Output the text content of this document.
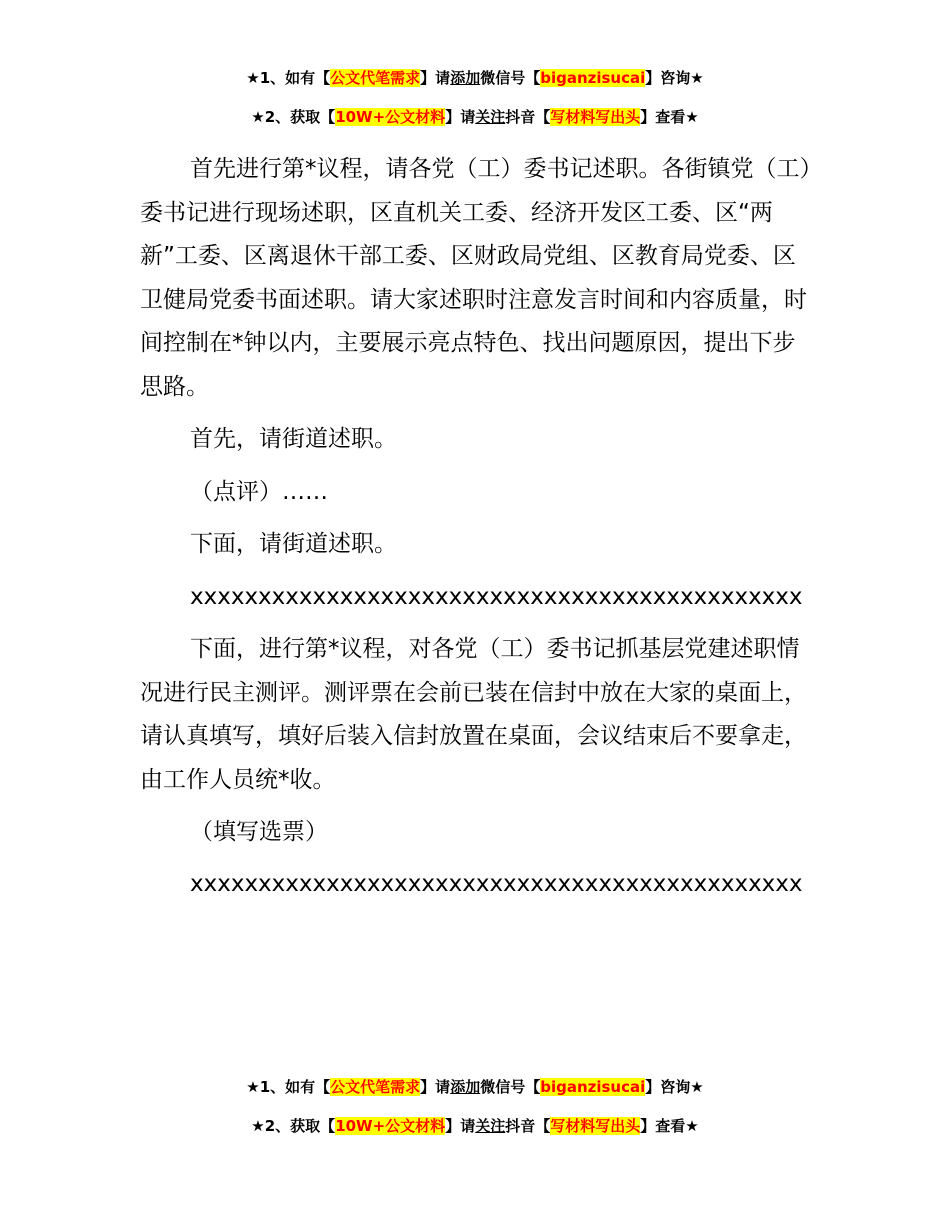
★1、如有【公文代笔需求】请添加微信号【biganzisucai】咨询★
★2、获取【10W+公文材料】请关注抖音【写材料写出头】查看★

首先进行第*议程，请各党（工）委书记述职。各街镇党（工）委书记进行现场述职，区直机关工委、经济开发区工委、区“两新”工委、区离退休干部工委、区财政局党组、区教育局党委、区卫健局党委书面述职。请大家述职时注意发言时间和内容质量，时间控制在*钟以内，主要展示亮点特色、找出问题原因，提出下步思路。

首先，请街道述职。

（点评）……

下面，请街道述职。

xxxxxxxxxxxxxxxxxxxxxxxxxxxxxxxxxxxxxxxxxxxxx

下面，进行第*议程，对各党（工）委书记抓基层党建述职情况进行民主测评。测评票在会前已装在信封中放在大家的桌面上，请认真填写，填好后装入信封放置在桌面，会议结束后不要拿走，由工作人员统*收。

（填写选票）

xxxxxxxxxxxxxxxxxxxxxxxxxxxxxxxxxxxxxxxxxxxxx

★1、如有【公文代笔需求】请添加微信号【biganzisucai】咨询★
★2、获取【10W+公文材料】请关注抖音【写材料写出头】查看★
